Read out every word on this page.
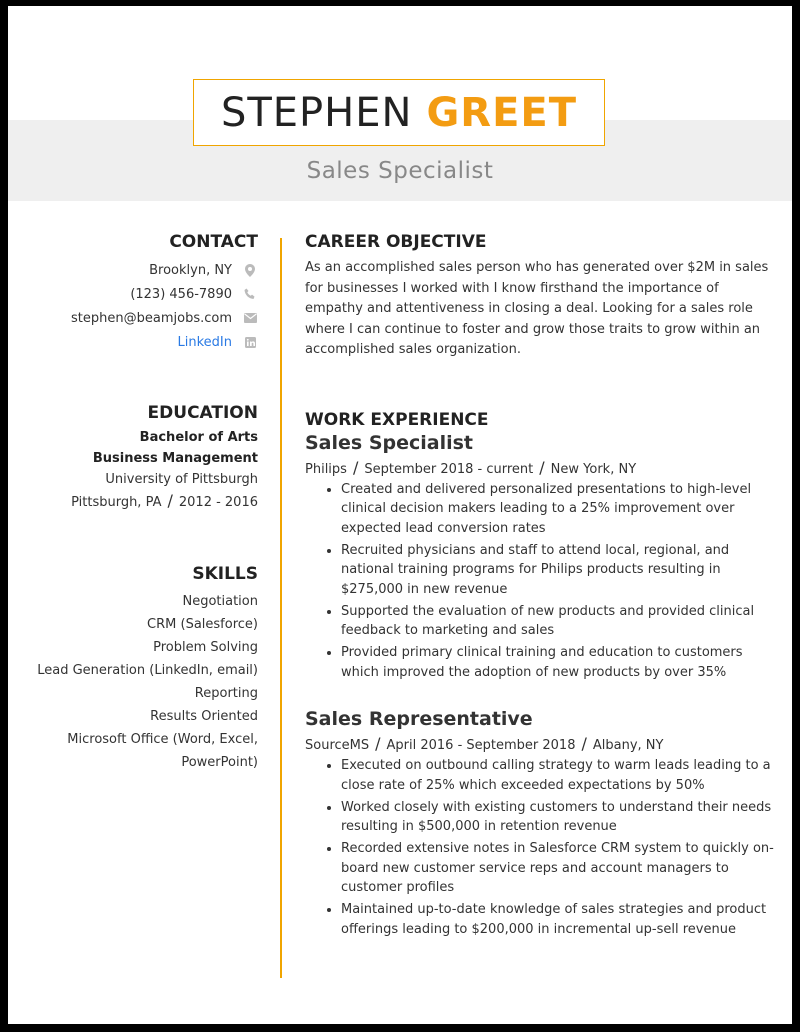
STEPHEN GREET
Sales Specialist
CONTACT
Brooklyn, NY
(123) 456-7890
stephen@beamjobs.com
LinkedIn
EDUCATION
Bachelor of Arts
Business Management
University of Pittsburgh
Pittsburgh, PA / 2012 - 2016
SKILLS
Negotiation
CRM (Salesforce)
Problem Solving
Lead Generation (LinkedIn, email)
Reporting
Results Oriented
Microsoft Office (Word, Excel,
PowerPoint)
CAREER OBJECTIVE
As an accomplished sales person who has generated over $2M in sales for businesses I worked with I know firsthand the importance of empathy and attentiveness in closing a deal. Looking for a sales role where I can continue to foster and grow those traits to grow within an accomplished sales organization.
WORK EXPERIENCE
Sales Specialist
Philips / September 2018 - current / New York, NY
• Created and delivered personalized presentations to high-level clinical decision makers leading to a 25% improvement over expected lead conversion rates
• Recruited physicians and staff to attend local, regional, and national training programs for Philips products resulting in $275,000 in new revenue
• Supported the evaluation of new products and provided clinical feedback to marketing and sales
• Provided primary clinical training and education to customers which improved the adoption of new products by over 35%
Sales Representative
SourceMS / April 2016 - September 2018 / Albany, NY
• Executed on outbound calling strategy to warm leads leading to a close rate of 25% which exceeded expectations by 50%
• Worked closely with existing customers to understand their needs resulting in $500,000 in retention revenue
• Recorded extensive notes in Salesforce CRM system to quickly on-board new customer service reps and account managers to customer profiles
• Maintained up-to-date knowledge of sales strategies and product offerings leading to $200,000 in incremental up-sell revenue
